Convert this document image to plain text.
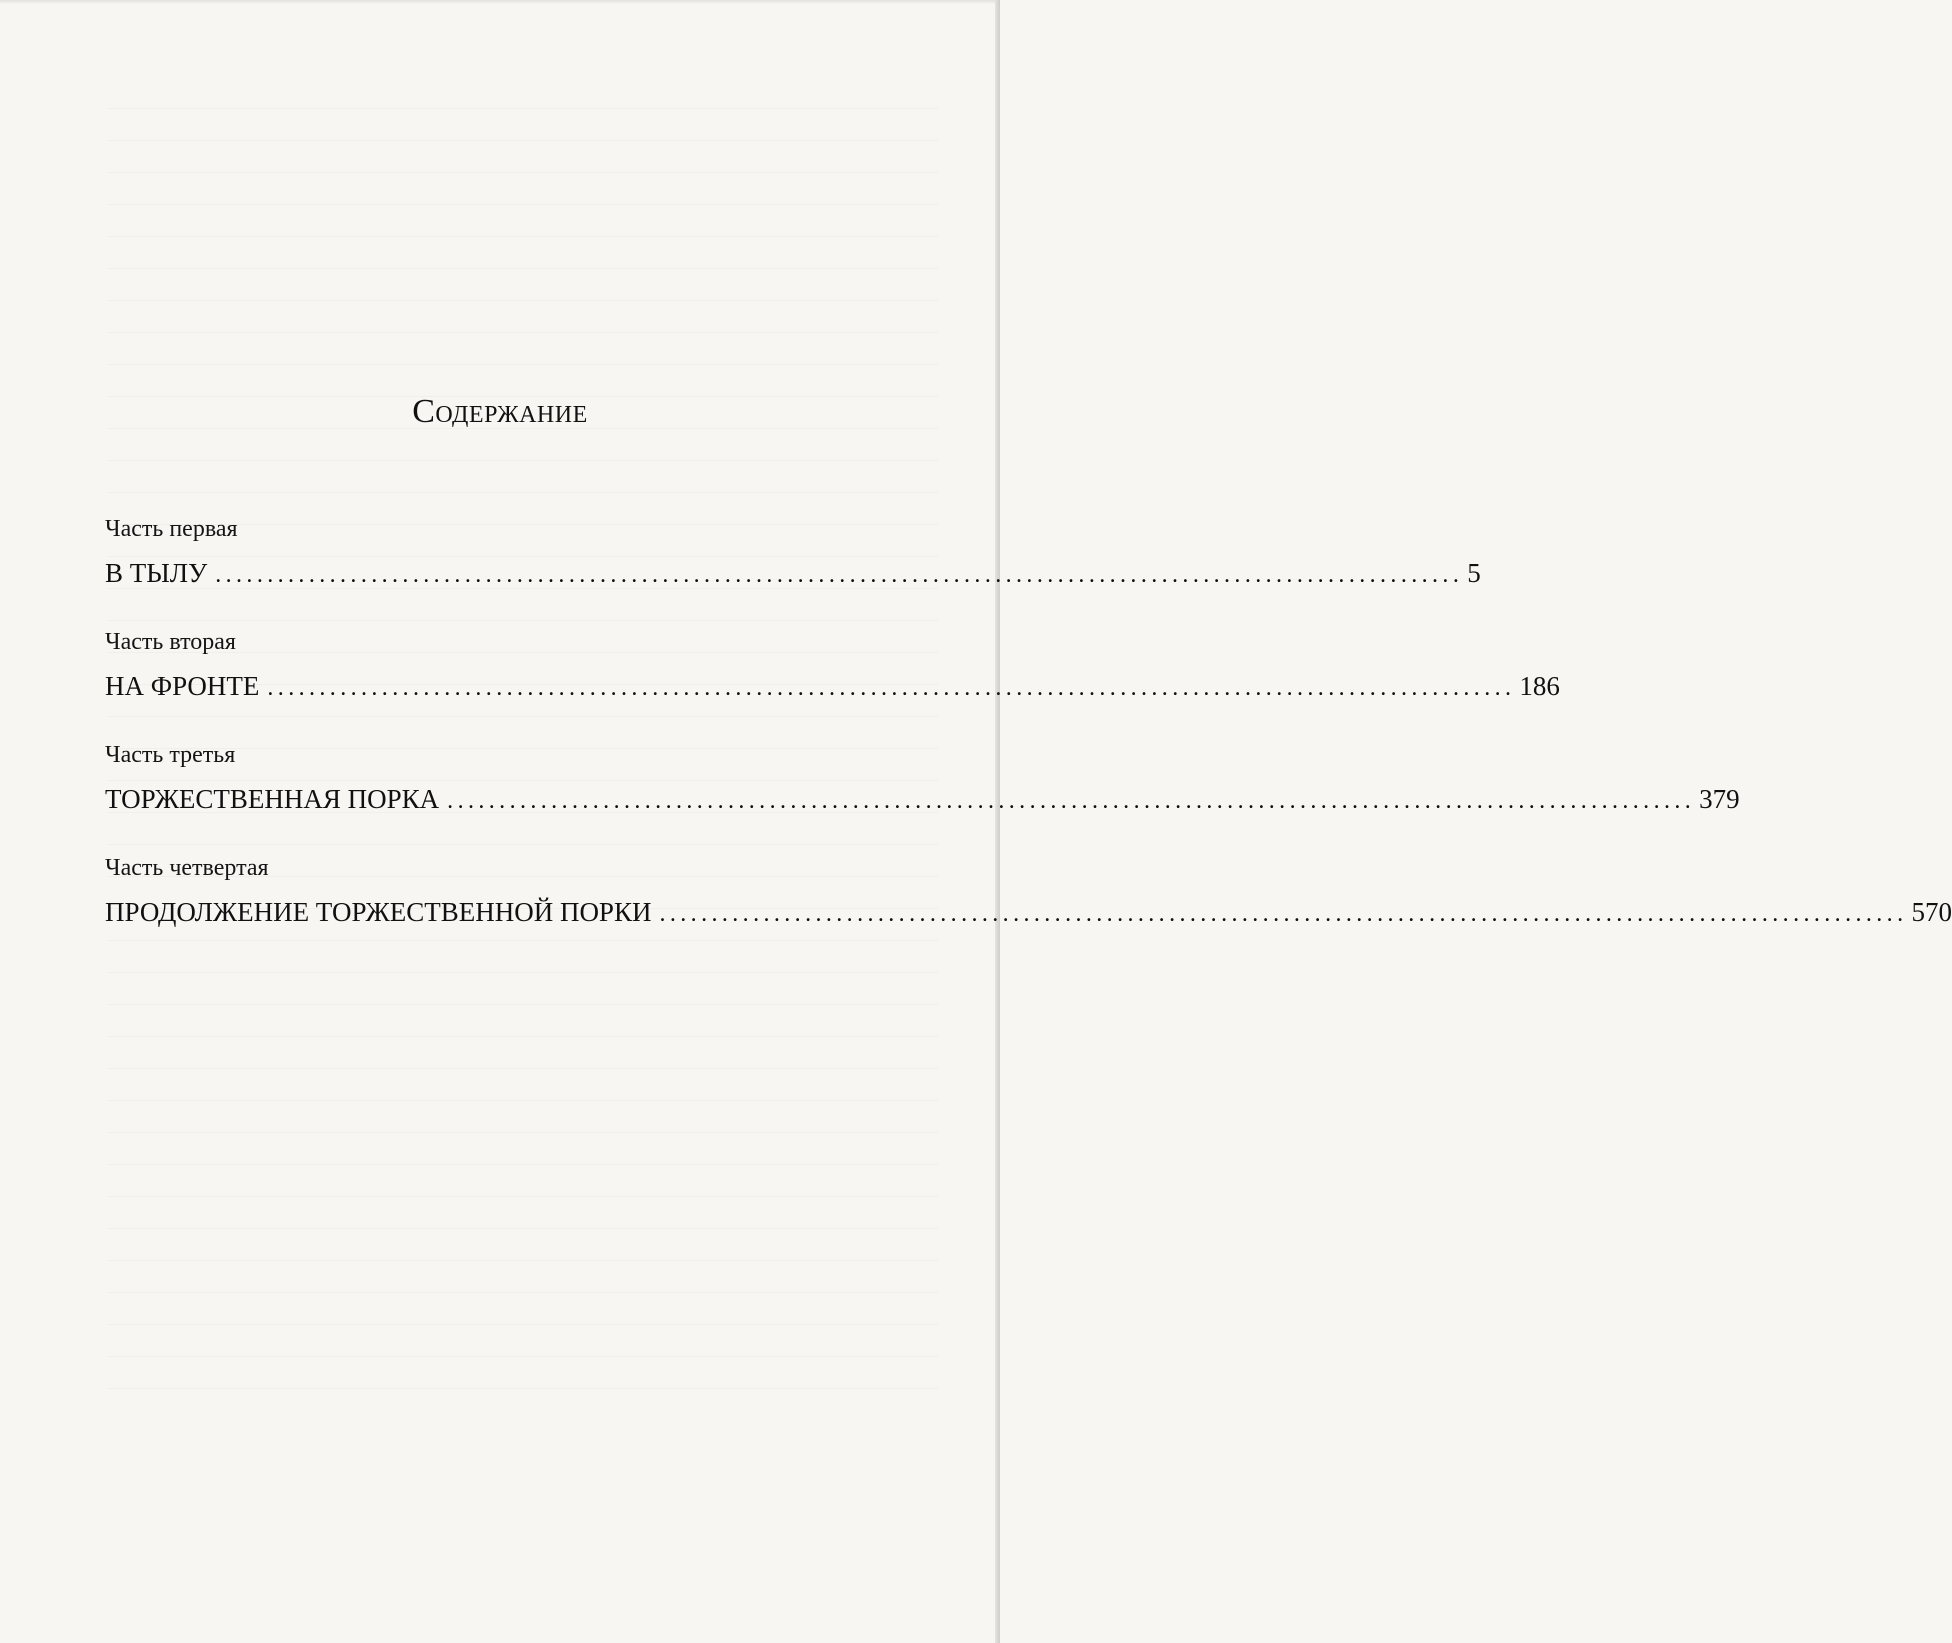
Содержание
Часть первая
В ТЫЛУ ........................................................................................................................ 5
Часть вторая
НА ФРОНТЕ ........................................................................................................................ 186
Часть третья
ТОРЖЕСТВЕННАЯ ПОРКА ........................................................................................................................ 379
Часть четвертая
ПРОДОЛЖЕНИЕ ТОРЖЕСТВЕННОЙ ПОРКИ ........................................................................................................................ 570
